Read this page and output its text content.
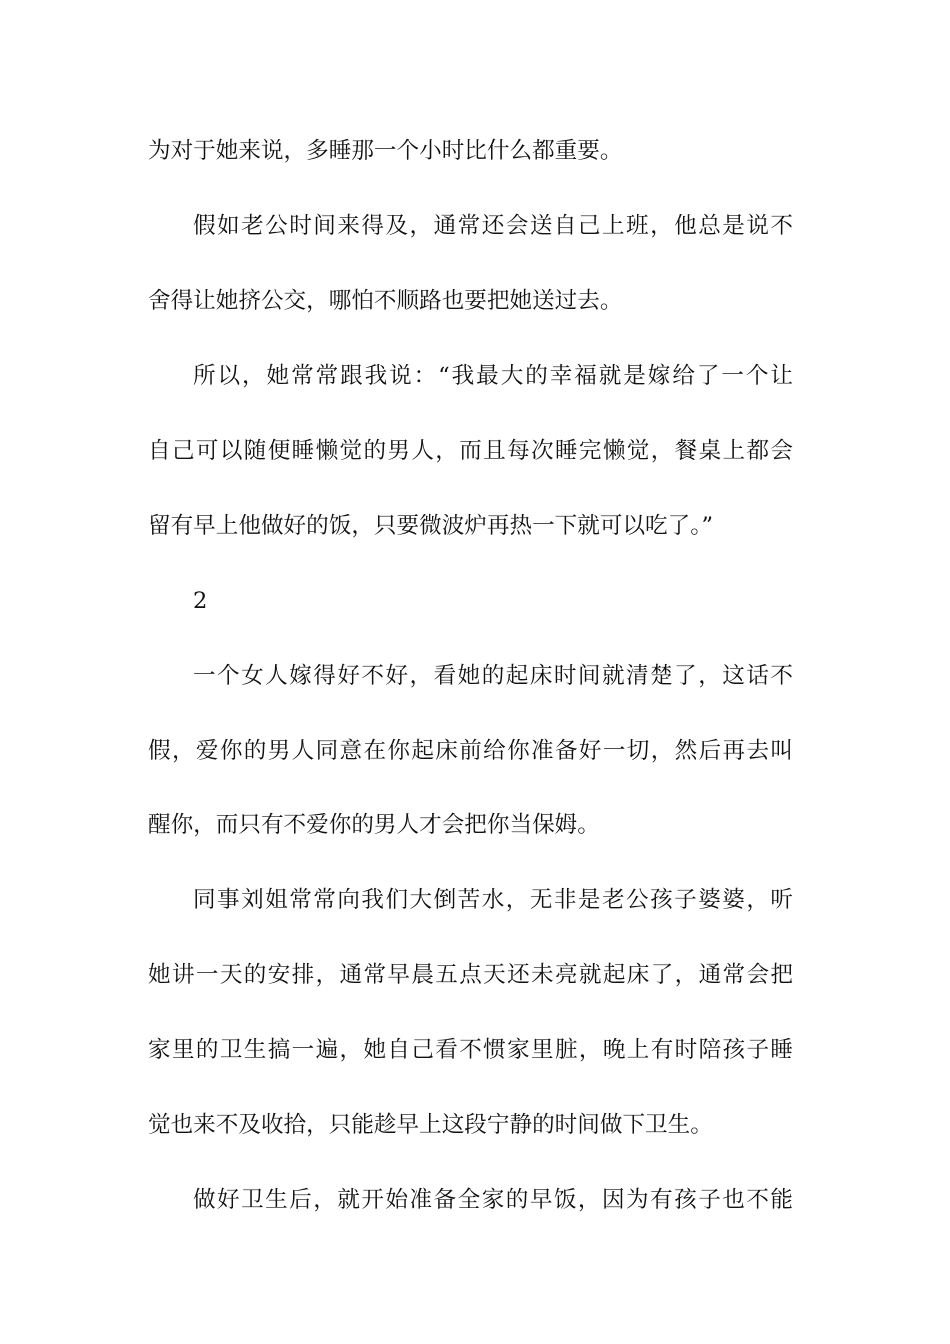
为对于她来说，多睡那一个小时比什么都重要。
假如老公时间来得及，通常还会送自己上班，他总是说不
舍得让她挤公交，哪怕不顺路也要把她送过去。
所以，她常常跟我说：“我最大的幸福就是嫁给了一个让
自己可以随便睡懒觉的男人，而且每次睡完懒觉，餐桌上都会
留有早上他做好的饭，只要微波炉再热一下就可以吃了。”
2
一个女人嫁得好不好，看她的起床时间就清楚了，这话不
假，爱你的男人同意在你起床前给你准备好一切，然后再去叫
醒你，而只有不爱你的男人才会把你当保姆。
同事刘姐常常向我们大倒苦水，无非是老公孩子婆婆，听
她讲一天的安排，通常早晨五点天还未亮就起床了，通常会把
家里的卫生搞一遍，她自己看不惯家里脏，晚上有时陪孩子睡
觉也来不及收拾，只能趁早上这段宁静的时间做下卫生。
做好卫生后，就开始准备全家的早饭，因为有孩子也不能
